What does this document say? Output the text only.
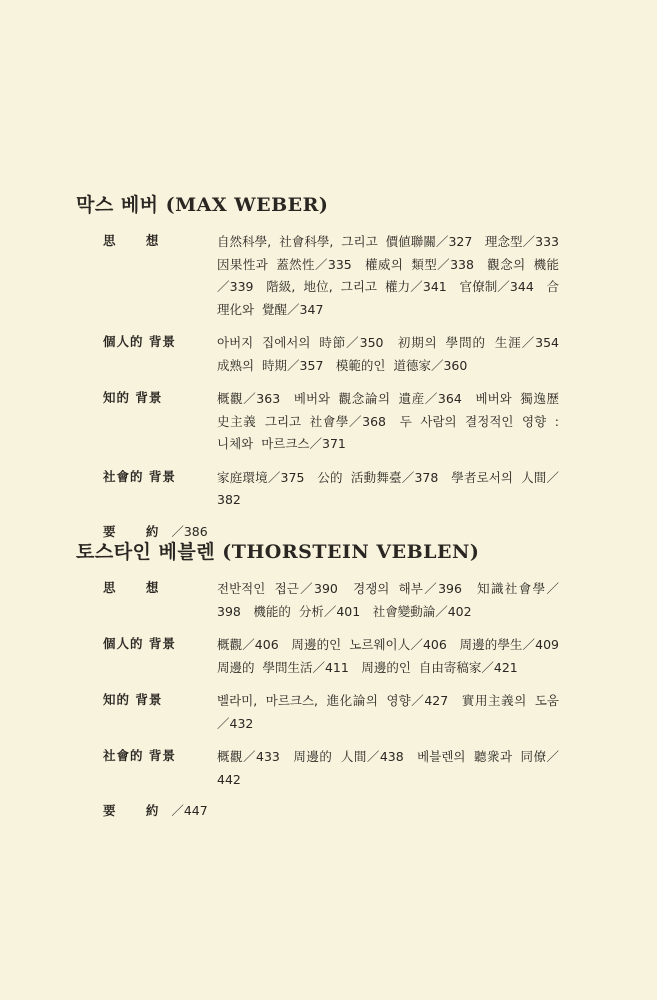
막스 베버 (MAX WEBER)
思 想	自然科學, 社會科學, 그리고 價値聯關／327　理念型／333　因果性과 蓋然性／335　權威의 類型／338　觀念의 機能／339　階級, 地位, 그리고 權力／341　官僚制／344　合理化와 覺醒／347
個人的 背景	아버지 집에서의 時節／350　初期의 學問的 生涯／354　成熟의 時期／357　模範的인 道德家／360
知的 背景	概觀／363　베버와 觀念論의 遺産／364　베버와 獨逸歷史主義 그리고 社會學／368　두 사람의 결정적인 영향 : 니체와 마르크스／371
社會的 背景	家庭環境／375　公的 活動舞臺／378　學者로서의 人間／382
要 約／386
토스타인 베블렌 (THORSTEIN VEBLEN)
思 想	전반적인 접근／390　경쟁의 해부／396　知識社會學／398　機能的 分析／401　社會變動論／402
個人的 背景	概觀／406　周邊的인 노르웨이人／406　周邊的學生／409　周邊的 學問生活／411　周邊的인 自由寄稿家／421
知的 背景	벨라미, 마르크스, 進化論의 영향／427　實用主義의 도움／432
社會的 背景	概觀／433　周邊的 人間／438　베블렌의 聽衆과 同僚／442
要 約／447
